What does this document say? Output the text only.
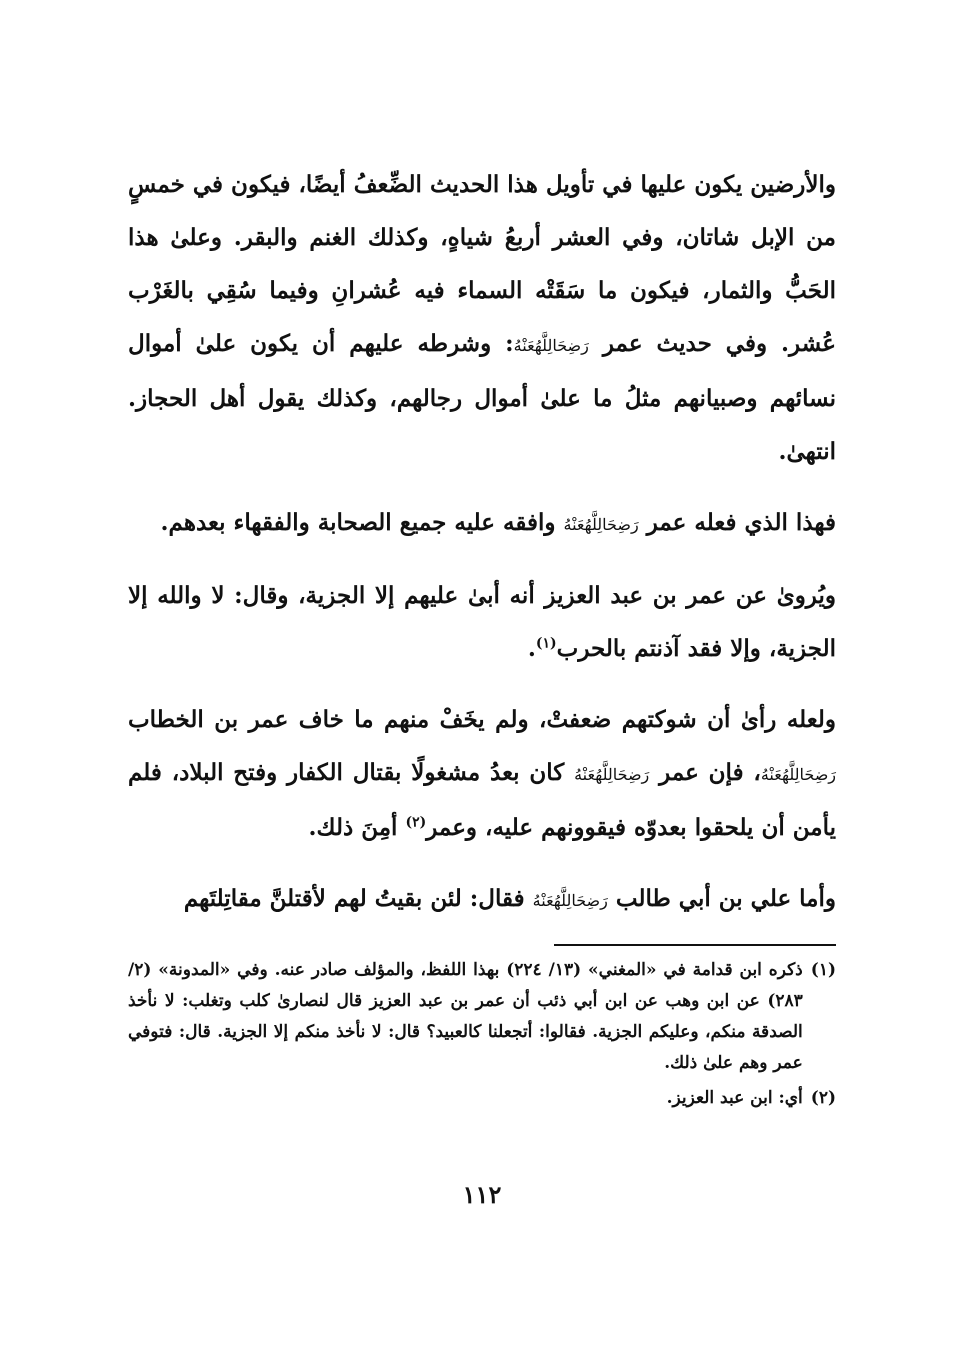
والأرضين يكون عليها في تأويل هذا الحديث الضِّعفُ أيضًا، فيكون في خمسٍ من الإبل شاتان، وفي العشر أربعُ شياهٍ، وكذلك الغنم والبقر. وعلىٰ هذا الحَبُّ والثمار، فيكون ما سَقَتْه السماء فيه عُشرانِ وفيما سُقِي بالغَرْب عُشر. وفي حديث عمر رَضِحَالِلَّهُعَنْهُ: وشرطه عليهم أن يكون علىٰ أموال نسائهم وصبيانهم مثلُ ما علىٰ أموال رجالهم، وكذلك يقول أهل الحجاز. انتهىٰ.

فهذا الذي فعله عمر رَضِحَالِلَّهُعَنْهُ وافقه عليه جميع الصحابة والفقهاء بعدهم.

ويُروىٰ عن عمر بن عبد العزيز أنه أبىٰ عليهم إلا الجزية، وقال: لا والله إلا الجزية، وإلا فقد آذنتم بالحرب$^{(١)}$.

ولعله رأىٰ أن شوكتهم ضعفتْ، ولم يخَفْ منهم ما خاف عمر بن الخطاب رَضِحَالِلَّهُعَنْهُ، فإن عمر رَضِحَالِلَّهُعَنْهُ كان بعدُ مشغولًا بقتال الكفار وفتح البلاد، فلم يأمن أن يلحقوا بعدوّه فيقوونهم عليه، وعمر$^{(٢)}$ أمِنَ ذلك.

وأما علي بن أبي طالب رَضِحَالِلَّهُعَنْهُ فقال: لئن بقيتُ لهم لأقتلنَّ مقاتِلتَهم

(١)
ذكره ابن قدامة في «المغني» (١٣/ ٢٢٤) بهذا اللفظ، والمؤلف صادر عنه. وفي «المدونة» (٢/ ٢٨٣) عن ابن وهب عن ابن أبي ذئب أن عمر بن عبد العزيز قال لنصارىٰ كلب وتغلب: لا نأخذ الصدقة منكم، وعليكم الجزية. فقالوا: أتجعلنا كالعبيد؟ قال: لا نأخذ منكم إلا الجزية. قال: فتوفي عمر وهم علىٰ ذلك.
(٢)
أي: ابن عبد العزيز.
١١٢
